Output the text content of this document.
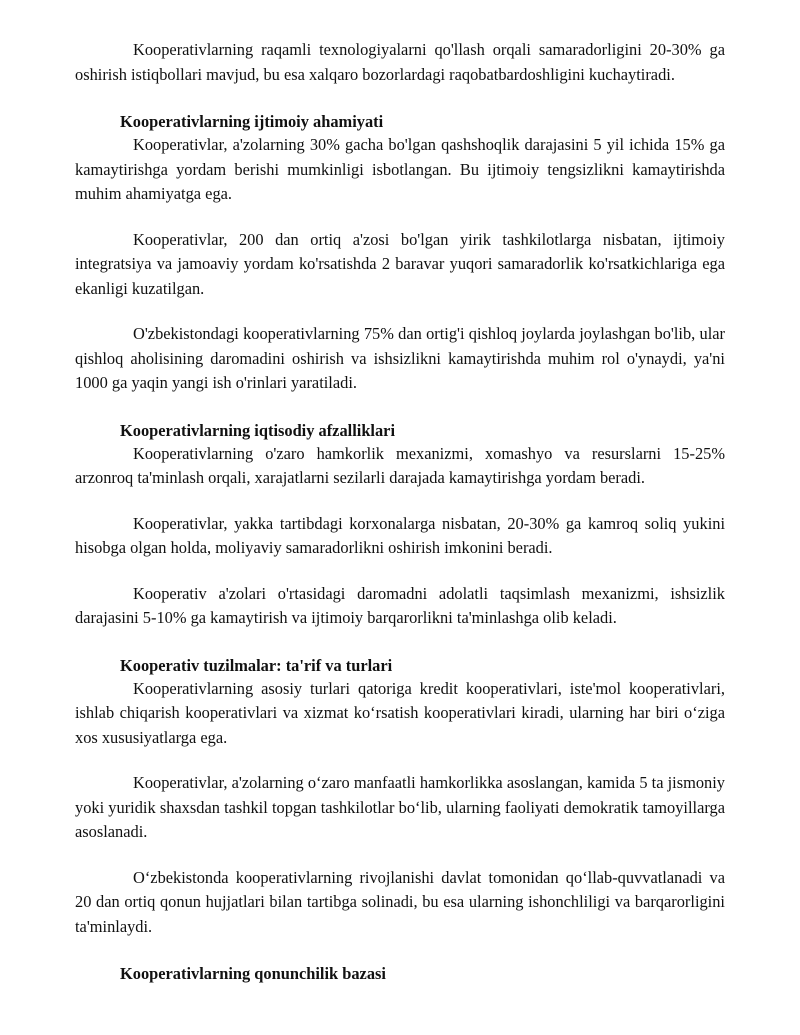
Kooperativlarning raqamli texnologiyalarni qo'llash orqali samaradorligini 20-30% ga oshirish istiqbollari mavjud, bu esa xalqaro bozorlardagi raqobatbardoshligini kuchaytiradi.

Kooperativlarning ijtimoiy ahamiyati

Kooperativlar, a'zolarning 30% gacha bo'lgan qashshoqlik darajasini 5 yil ichida 15% ga kamaytirishga yordam berishi mumkinligi isbotlangan. Bu ijtimoiy tengsizlikni kamaytirishda muhim ahamiyatga ega.

Kooperativlar, 200 dan ortiq a'zosi bo'lgan yirik tashkilotlarga nisbatan, ijtimoiy integratsiya va jamoaviy yordam ko'rsatishda 2 baravar yuqori samaradorlik ko'rsatkichlariga ega ekanligi kuzatilgan.

O'zbekistondagi kooperativlarning 75% dan ortig'i qishloq joylarda joylashgan bo'lib, ular qishloq aholisining daromadini oshirish va ishsizlikni kamaytirishda muhim rol o'ynaydi, ya'ni 1000 ga yaqin yangi ish o'rinlari yaratiladi.

Kooperativlarning iqtisodiy afzalliklari

Kooperativlarning o'zaro hamkorlik mexanizmi, xomashyo va resurslarni 15-25% arzonroq ta'minlash orqali, xarajatlarni sezilarli darajada kamaytirishga yordam beradi.

Kooperativlar, yakka tartibdagi korxonalarga nisbatan, 20-30% ga kamroq soliq yukini hisobga olgan holda, moliyaviy samaradorlikni oshirish imkonini beradi.

Kooperativ a'zolari o'rtasidagi daromadni adolatli taqsimlash mexanizmi, ishsizlik darajasini 5-10% ga kamaytirish va ijtimoiy barqarorlikni ta'minlashga olib keladi.

Kooperativ tuzilmalar: ta'rif va turlari

Kooperativlarning asosiy turlari qatoriga kredit kooperativlari, iste'mol kooperativlari, ishlab chiqarish kooperativlari va xizmat ko‘rsatish kooperativlari kiradi, ularning har biri o‘ziga xos xususiyatlarga ega.

Kooperativlar, a'zolarning o‘zaro manfaatli hamkorlikka asoslangan, kamida 5 ta jismoniy yoki yuridik shaxsdan tashkil topgan tashkilotlar bo‘lib, ularning faoliyati demokratik tamoyillarga asoslanadi.

O‘zbekistonda kooperativlarning rivojlanishi davlat tomonidan qo‘llab-quvvatlanadi va 20 dan ortiq qonun hujjatlari bilan tartibga solinadi, bu esa ularning ishonchliligi va barqarorligini ta'minlaydi.

Kooperativlarning qonunchilik bazasi
